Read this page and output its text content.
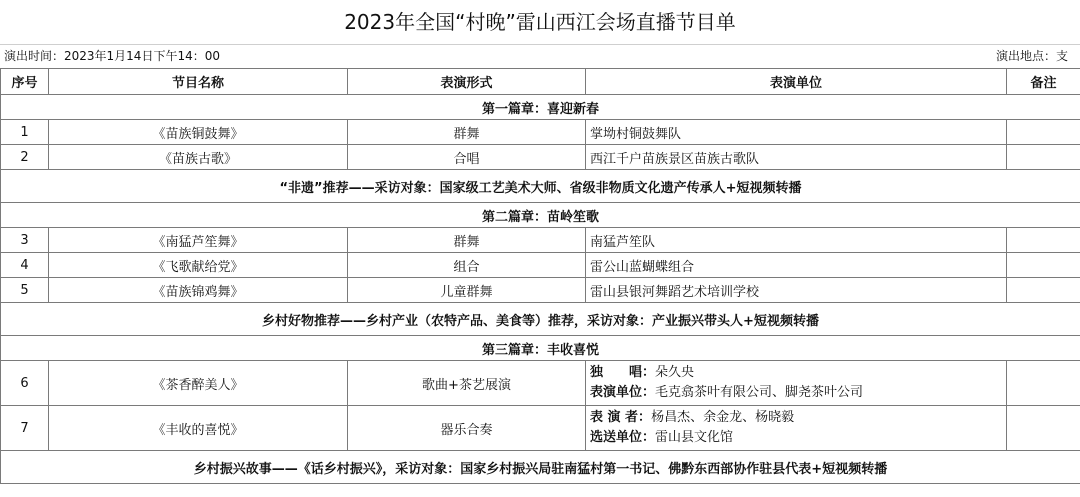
2023年全国“村晚”雷山西江会场直播节目单
演出时间：2023年1月14日下午14：00	演出地点：支
序号	节目名称	表演形式	表演单位	备注
第一篇章：喜迎新春				
1	《苗族铜鼓舞》	群舞	掌坳村铜鼓舞队	
2	《苗族古歌》	合唱	西江千户苗族景区苗族古歌队	
“非遗”推荐——采访对象：国家级工艺美术大师、省级非物质文化遗产传承人+短视频转播				
第二篇章：苗岭笙歌				
3	《南猛芦笙舞》	群舞	南猛芦笙队	
4	《飞歌献给党》	组合	雷公山蓝蝴蝶组合	
5	《苗族锦鸡舞》	儿童群舞	雷山县银河舞蹈艺术培训学校	
乡村好物推荐——乡村产业（农特产品、美食等）推荐，采访对象：产业振兴带头人+短视频转播				
第三篇章：丰收喜悦				
6	《茶香醉美人》	歌曲+茶艺展演	独　　唱：朵久央
表演单位：毛克翕茶叶有限公司、脚尧茶叶公司	

7	《丰收的喜悦》	器乐合奏	表 演 者：杨昌杰、余金龙、杨晓毅
选送单位：雷山县文化馆	

乡村振兴故事——《话乡村振兴》，采访对象：国家乡村振兴局驻南猛村第一书记、佛黔东西部协作驻县代表+短视频转播				
